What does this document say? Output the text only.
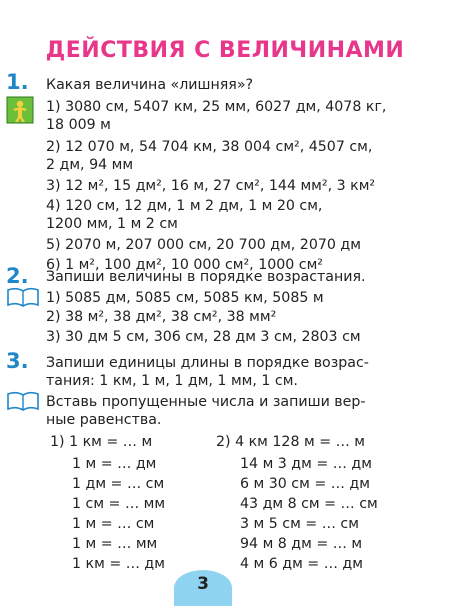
ДЕЙСТВИЯ С ВЕЛИЧИНАМИ
1. Какая величина «лишняя»?
1) 3080 см, 5407 км, 25 мм, 6027 дм, 4078 кг,
18 009 м
2) 12 070 м, 54 704 км, 38 004 см², 4507 см,
2 дм, 94 мм
3) 12 м², 15 дм², 16 м, 27 см², 144 мм², 3 км²
4) 120 см, 12 дм, 1 м 2 дм, 1 м 20 см,
1200 мм, 1 м 2 см
5) 2070 м, 207 000 см, 20 700 дм, 2070 дм
6) 1 м², 100 дм², 10 000 см², 1000 см²
2. Запиши величины в порядке возрастания.
1) 5085 дм, 5085 см, 5085 км, 5085 м
2) 38 м², 38 дм², 38 см², 38 мм²
3) 30 дм 5 см, 306 см, 28 дм 3 см, 2803 см
3. Запиши единицы длины в порядке возрас-
тания: 1 км, 1 м, 1 дм, 1 мм, 1 см.
Вставь пропущенные числа и запиши вер-
ные равенства.
1) 1 км = … м
1 м = … дм
1 дм = … см
1 см = … мм
1 м = … см
1 м = … мм
1 км = … дм
2) 4 км 128 м = … м
14 м 3 дм = … дм
6 м 30 см = … дм
43 дм 8 см = … см
3 м 5 см = … см
94 м 8 дм = … м
4 м 6 дм = … дм
3
